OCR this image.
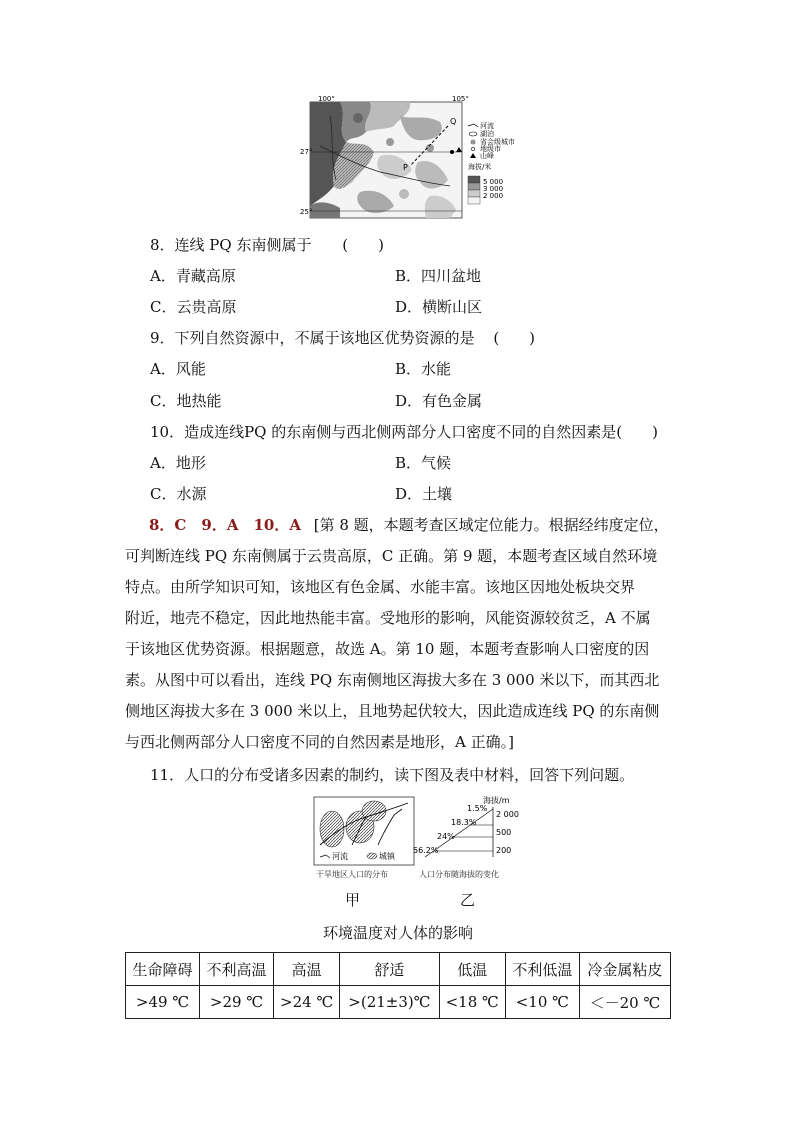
100°	105°
27°
25°
Q
P
河流
湖泊
省会级城市
地级市
山峰
海拔/米
5 000
3 000
2 000
8．连线 PQ 东南侧属于 (　　)
A．青藏高原	B．四川盆地
C．云贵高原	D．横断山区
9．下列自然资源中，不属于该地区优势资源的是 (　　)
A．风能	B．水能
C．地热能	D．有色金属
10．造成连线PQ 的东南侧与西北侧两部分人口密度不同的自然因素是(　　)
A．地形	B．气候
C．水源	D．土壤

8．C　9．A　10．A [第 8 题，本题考查区域定位能力。根据经纬度定位，

可判断连线 PQ 东南侧属于云贵高原，C 正确。第 9 题，本题考查区域自然环境

特点。由所学知识可知，该地区有色金属、水能丰富。该地区因地处板块交界

附近，地壳不稳定，因此地热能丰富。受地形的影响，风能资源较贫乏，A 不属

于该地区优势资源。根据题意，故选 A。第 10 题，本题考查影响人口密度的因

素。从图中可以看出，连线 PQ 东南侧地区海拔大多在 3 000 米以下，而其西北

侧地区海拔大多在 3 000 米以上，且地势起伏较大，因此造成连线 PQ 的东南侧

与西北侧两部分人口密度不同的自然因素是地形，A 正确。]

11．人口的分布受诸多因素的制约，读下图及表中材料，回答下列问题。
河流	城镇
干旱地区人口的分布
甲
海拔/m
2 000
500
200
1.5%
18.3%
24%
56.2%
人口分布随海拔的变化
乙
环境温度对人体的影响
生命障碍	不利高温	高温	舒适	低温	不利低温	冷金属粘皮
>49 ℃	>29 ℃	>24 ℃	>(21±3)℃	<18 ℃	<10 ℃	＜－20 ℃
